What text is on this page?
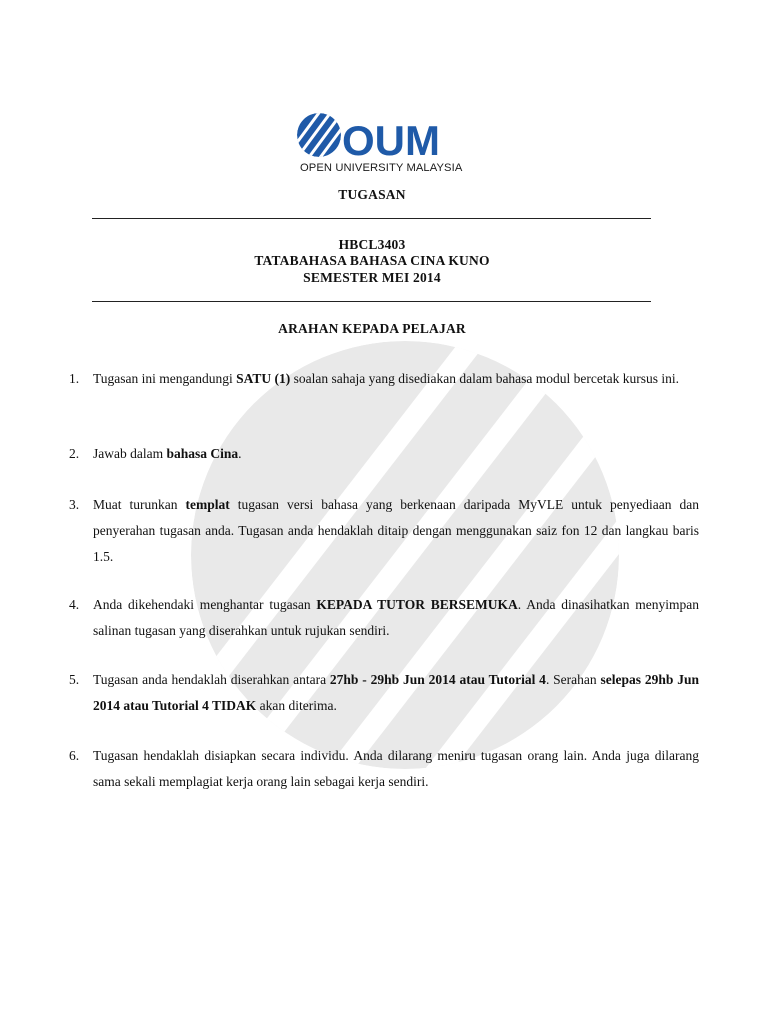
OUM
OPEN UNIVERSITY MALAYSIA
TUGASAN
HBCL3403
TATABAHASA BAHASA CINA KUNO
SEMESTER MEI 2014
ARAHAN KEPADA PELAJAR
1.	Tugasan ini mengandungi SATU (1) soalan sahaja yang disediakan dalam bahasa modul bercetak kursus ini.
2.	Jawab dalam bahasa Cina.
3.	Muat turunkan templat tugasan versi bahasa yang berkenaan daripada MyVLE untuk penyediaan dan penyerahan tugasan anda. Tugasan anda hendaklah ditaip dengan menggunakan saiz fon 12 dan langkau baris 1.5.
4.	Anda dikehendaki menghantar tugasan KEPADA TUTOR BERSEMUKA. Anda dinasihatkan menyimpan salinan tugasan yang diserahkan untuk rujukan sendiri.
5.	Tugasan anda hendaklah diserahkan antara 27hb - 29hb Jun 2014 atau Tutorial 4. Serahan selepas 29hb Jun 2014 atau Tutorial 4 TIDAK akan diterima.
6.	Tugasan hendaklah disiapkan secara individu. Anda dilarang meniru tugasan orang lain. Anda juga dilarang sama sekali memplagiat kerja orang lain sebagai kerja sendiri.
